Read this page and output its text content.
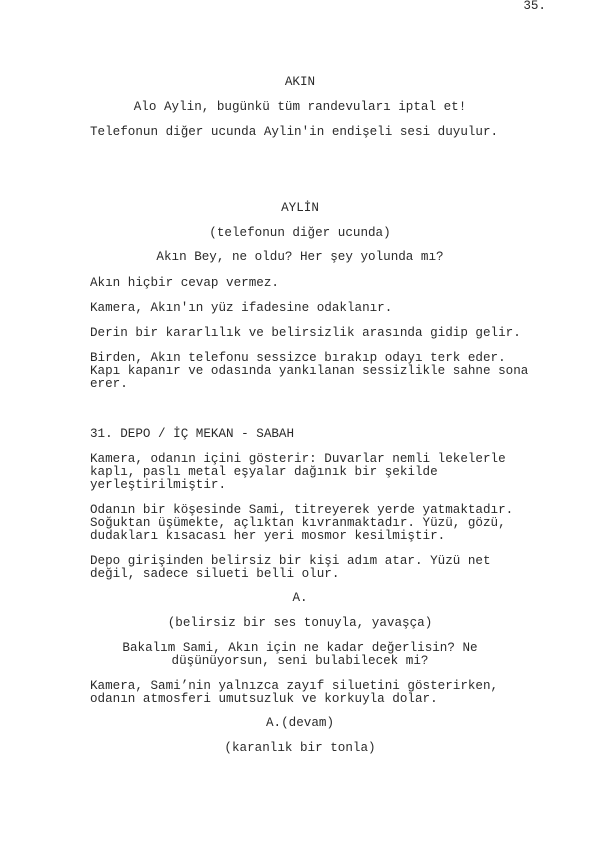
35.
AKIN
Alo Aylin, bugünkü tüm randevuları iptal et!
Telefonun diğer ucunda Aylin'in endişeli sesi duyulur.
AYLİN
(telefonun diğer ucunda)
Akın Bey, ne oldu? Her şey yolunda mı?
Akın hiçbir cevap vermez.
Kamera, Akın'ın yüz ifadesine odaklanır.
Derin bir kararlılık ve belirsizlik arasında gidip gelir.
Birden, Akın telefonu sessizce bırakıp odayı terk eder.
Kapı kapanır ve odasında yankılanan sessizlikle sahne sona
erer.
31. DEPO / İÇ MEKAN - SABAH
Kamera, odanın içini gösterir: Duvarlar nemli lekelerle
kaplı, paslı metal eşyalar dağınık bir şekilde
yerleştirilmiştir.
Odanın bir köşesinde Sami, titreyerek yerde yatmaktadır.
Soğuktan üşümekte, açlıktan kıvranmaktadır. Yüzü, gözü,
dudakları kısacası her yeri mosmor kesilmiştir.
Depo girişinden belirsiz bir kişi adım atar. Yüzü net
değil, sadece siluetі belli olur.
A.
(belirsiz bir ses tonuyla, yavaşça)
Bakalım Sami, Akın için ne kadar değerlisin? Ne
düşünüyorsun, seni bulabilecek mi?
Kamera, Sami’nin yalnızca zayıf siluetini gösterirken,
odanın atmosferi umutsuzluk ve korkuyla dolar.
A.(devam)
(karanlık bir tonla)
